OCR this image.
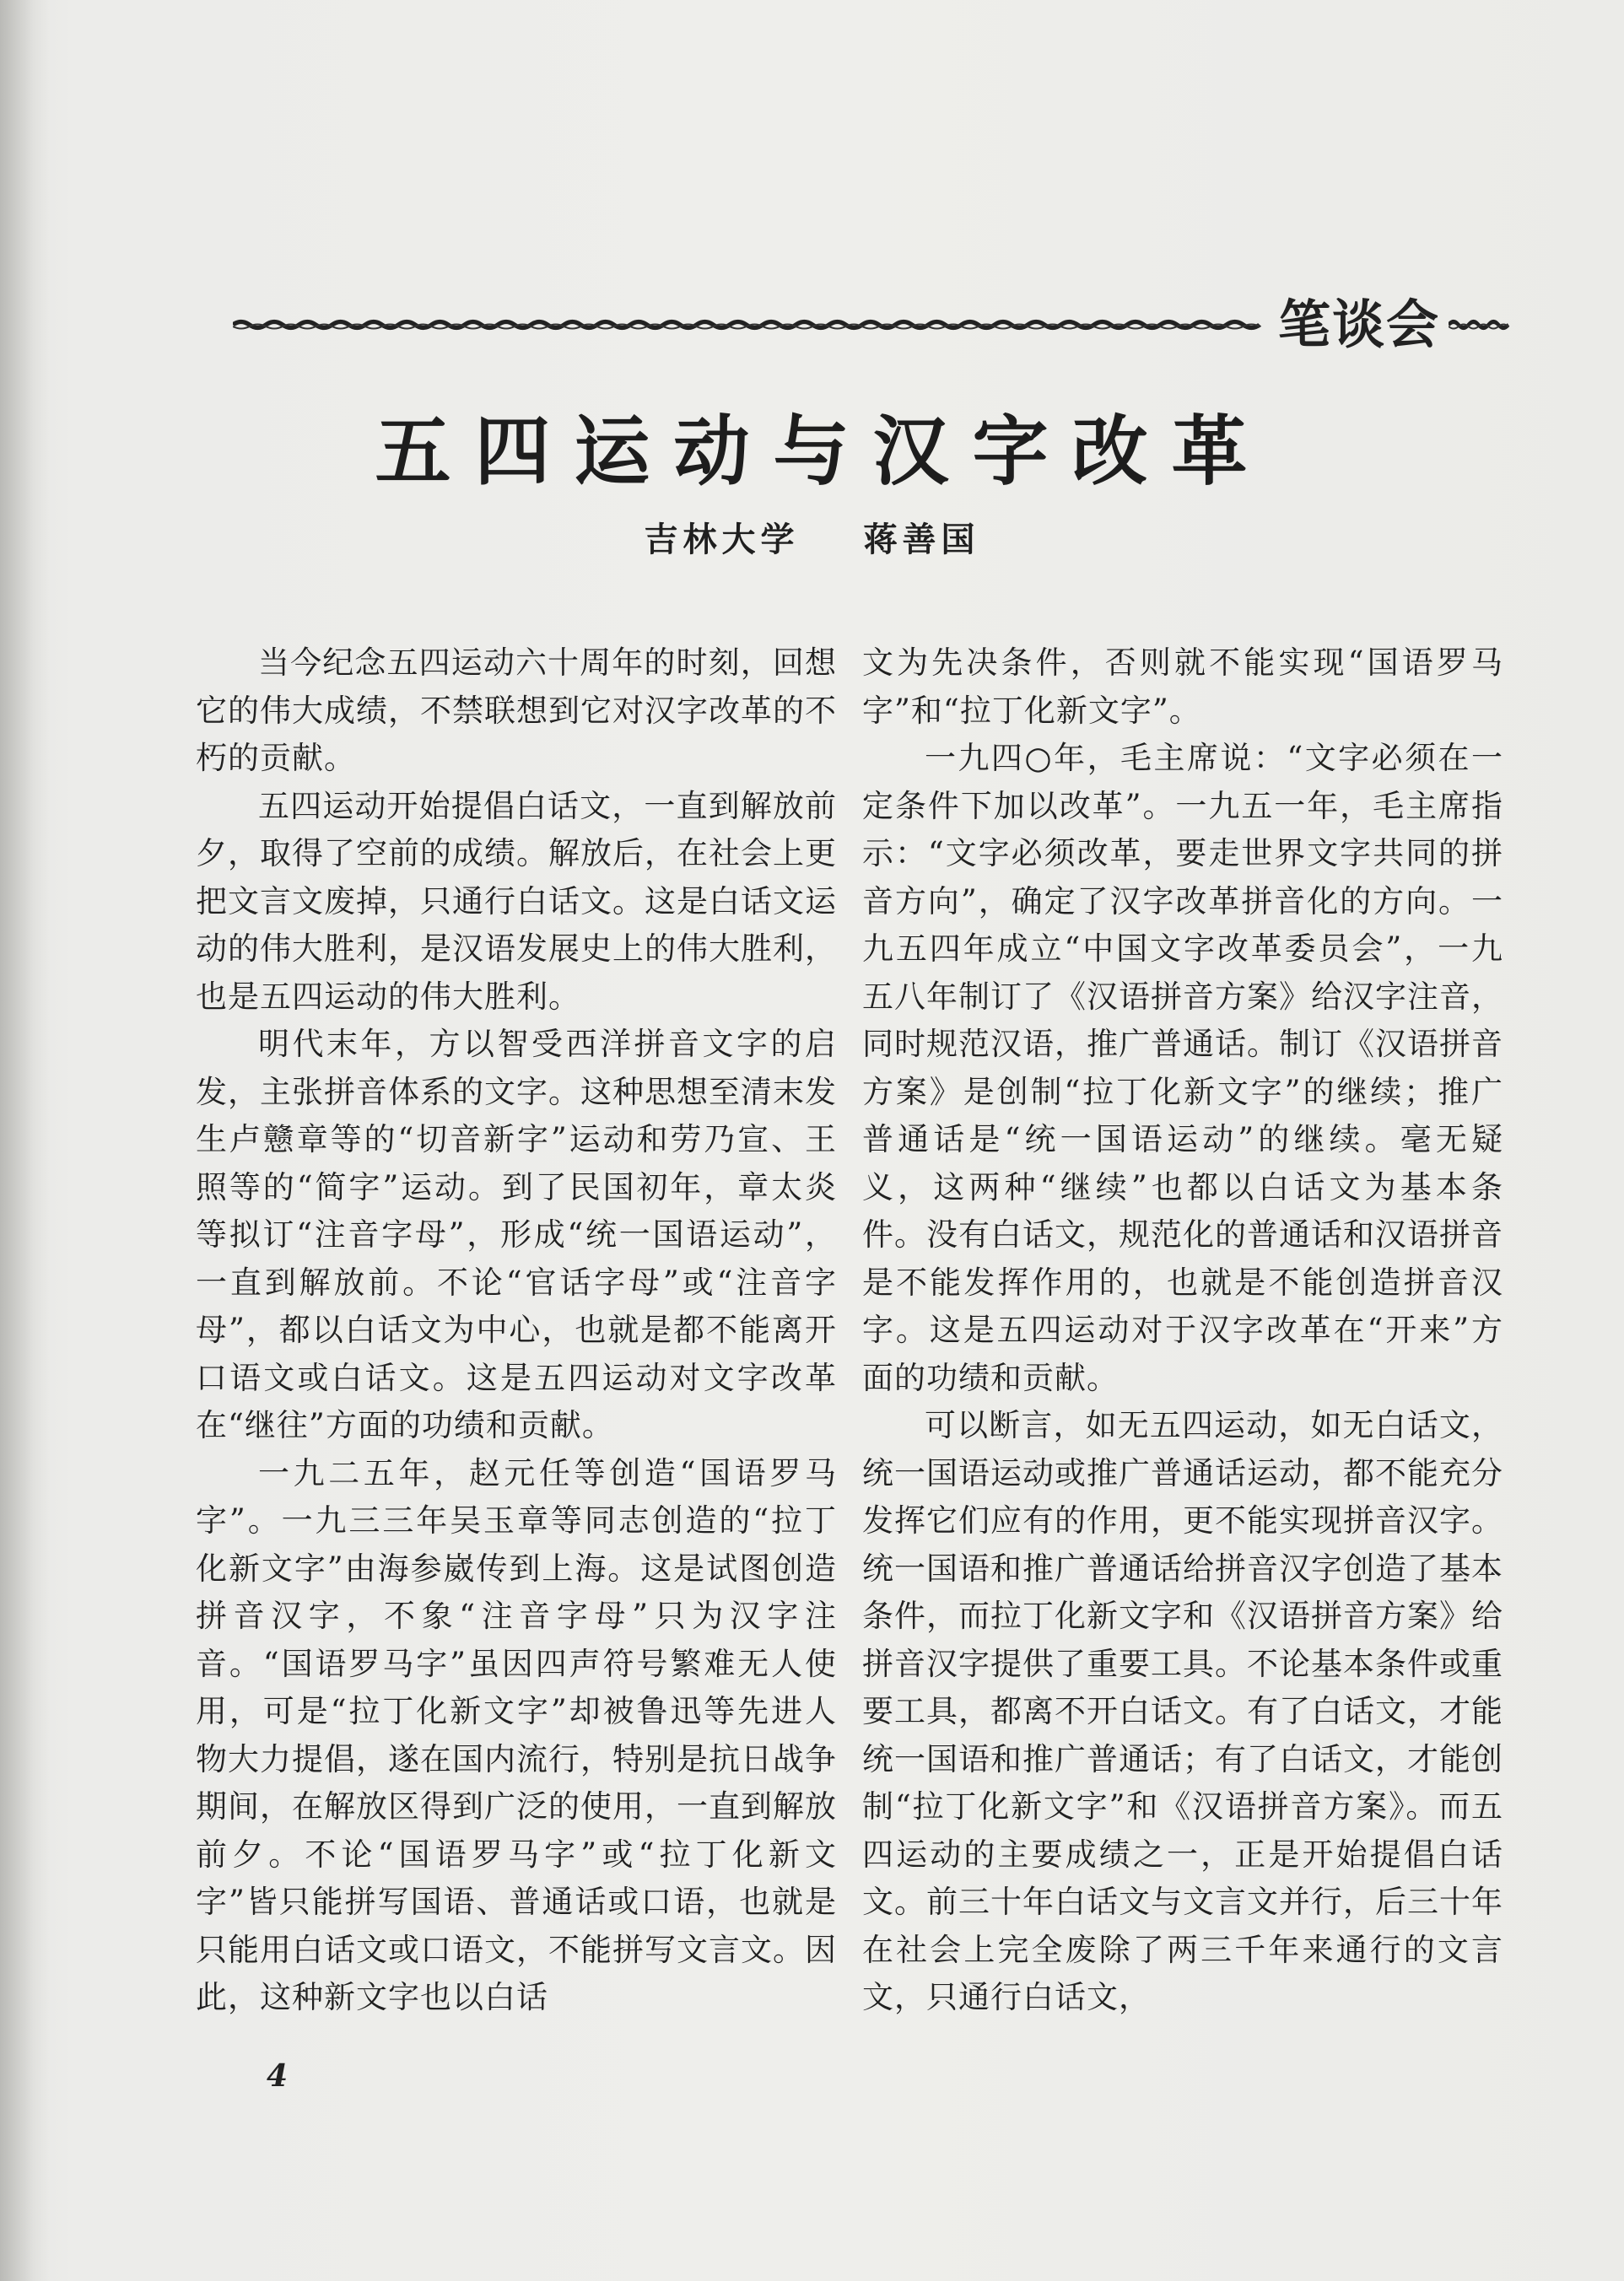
笔谈会
五四运动与汉字改革
吉林大学 蒋善国

当今纪念五四运动六十周年的时刻，回想它的伟大成绩，不禁联想到它对汉字改革的不朽的贡献。

五四运动开始提倡白话文，一直到解放前夕，取得了空前的成绩。解放后，在社会上更把文言文废掉，只通行白话文。这是白话文运动的伟大胜利，是汉语发展史上的伟大胜利，也是五四运动的伟大胜利。

明代末年，方以智受西洋拼音文字的启发，主张拼音体系的文字。这种思想至清末发生卢戆章等的“切音新字”运动和劳乃宣、王照等的“简字”运动。到了民国初年，章太炎等拟订“注音字母”，形成“统一国语运动”，一直到解放前。不论“官话字母”或“注音字母”，都以白话文为中心，也就是都不能离开口语文或白话文。这是五四运动对文字改革在“继往”方面的功绩和贡献。

一九二五年，赵元任等创造“国语罗马字”。一九三三年吴玉章等同志创造的“拉丁化新文字”由海参崴传到上海。这是试图创造拼音汉字，不象“注音字母”只为汉字注音。“国语罗马字”虽因四声符号繁难无人使用，可是“拉丁化新文字”却被鲁迅等先进人物大力提倡，遂在国内流行，特别是抗日战争期间，在解放区得到广泛的使用，一直到解放前夕。不论“国语罗马字”或“拉丁化新文字”皆只能拼写国语、普通话或口语，也就是只能用白话文或口语文，不能拼写文言文。因此，这种新文字也以白话

文为先决条件，否则就不能实现“国语罗马字”和“拉丁化新文字”。

一九四○年，毛主席说：“文字必须在一定条件下加以改革”。一九五一年，毛主席指示：“文字必须改革，要走世界文字共同的拼音方向”，确定了汉字改革拼音化的方向。一九五四年成立“中国文字改革委员会”，一九五八年制订了《汉语拼音方案》给汉字注音，同时规范汉语，推广普通话。制订《汉语拼音方案》是创制“拉丁化新文字”的继续；推广普通话是“统一国语运动”的继续。毫无疑义，这两种“继续”也都以白话文为基本条件。没有白话文，规范化的普通话和汉语拼音是不能发挥作用的，也就是不能创造拼音汉字。这是五四运动对于汉字改革在“开来”方面的功绩和贡献。

可以断言，如无五四运动，如无白话文，统一国语运动或推广普通话运动，都不能充分发挥它们应有的作用，更不能实现拼音汉字。统一国语和推广普通话给拼音汉字创造了基本条件，而拉丁化新文字和《汉语拼音方案》给拼音汉字提供了重要工具。不论基本条件或重要工具，都离不开白话文。有了白话文，才能统一国语和推广普通话；有了白话文，才能创制“拉丁化新文字”和《汉语拼音方案》。而五四运动的主要成绩之一，正是开始提倡白话文。前三十年白话文与文言文并行，后三十年在社会上完全废除了两三千年来通行的文言文，只通行白话文，

4
